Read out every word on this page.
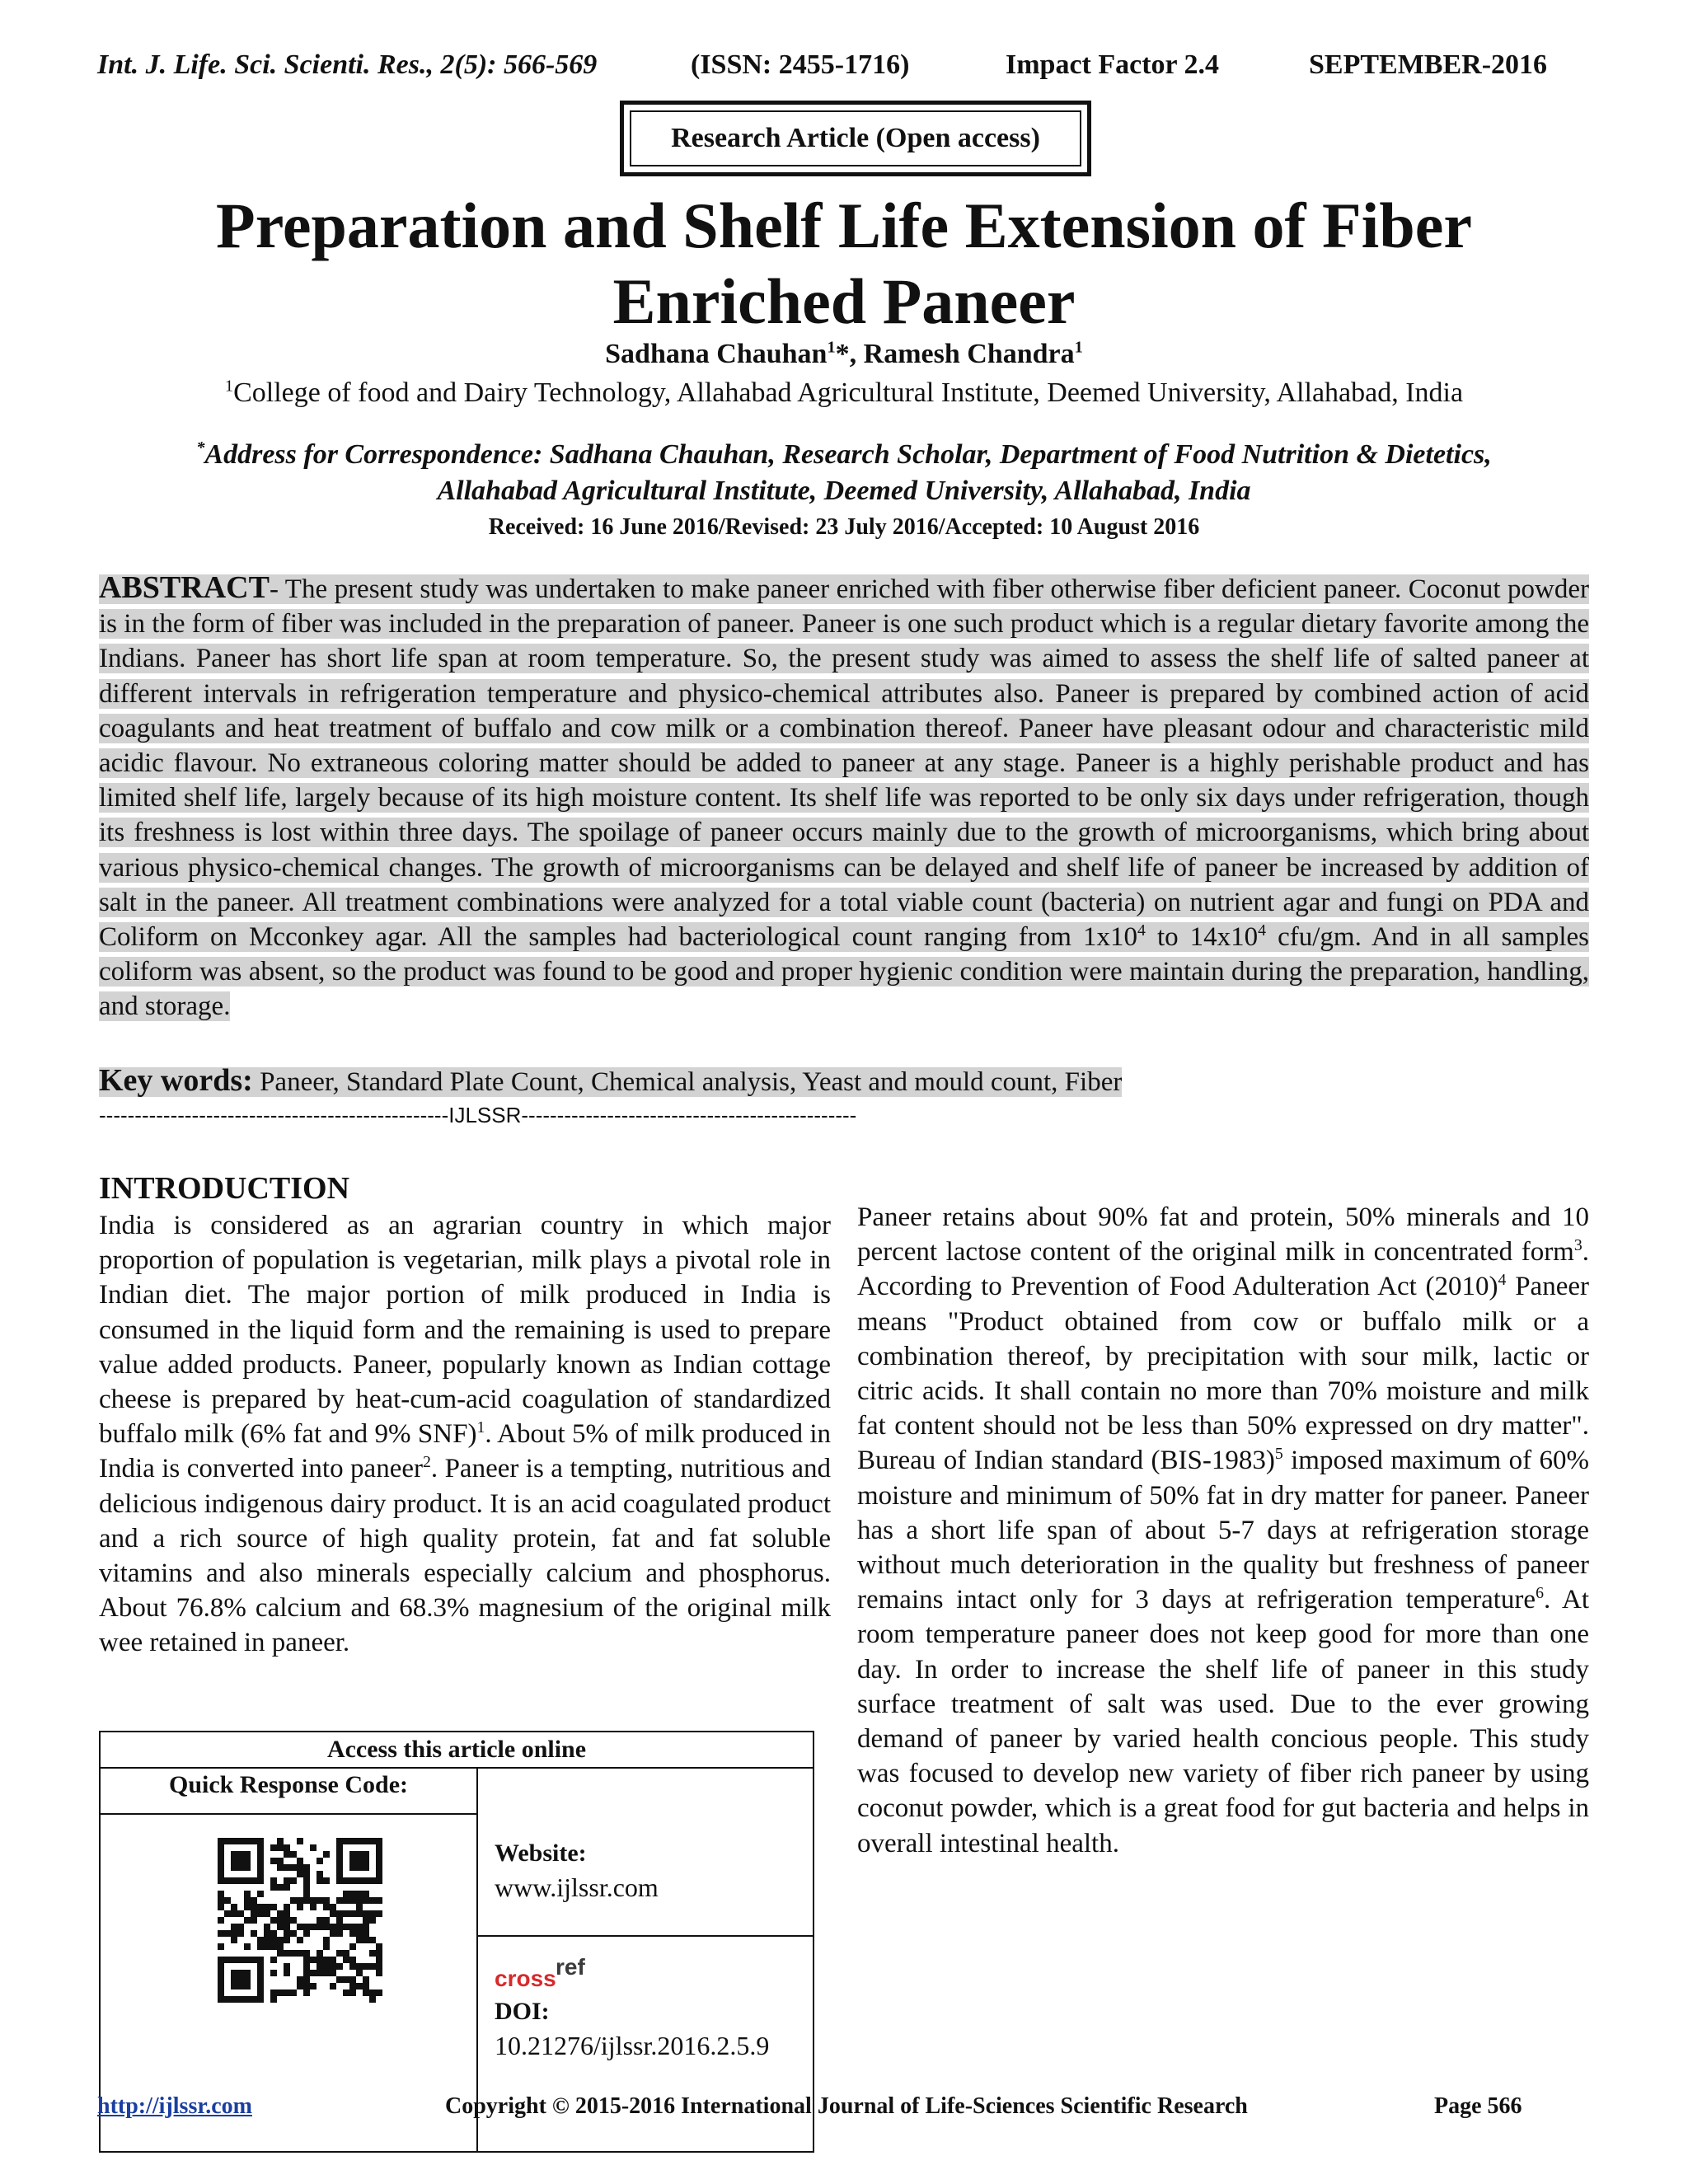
Int. J. Life. Sci. Scienti. Res., 2(5): 566-569	(ISSN: 2455-1716)	Impact Factor 2.4	SEPTEMBER-2016
Research Article (Open access)
Preparation and Shelf Life Extension of Fiber Enriched Paneer
Sadhana Chauhan$^1$*, Ramesh Chandra$^1$
$^1$College of food and Dairy Technology, Allahabad Agricultural Institute, Deemed University, Allahabad, India
*Address for Correspondence: Sadhana Chauhan, Research Scholar, Department of Food Nutrition & Dietetics,
Allahabad Agricultural Institute, Deemed University, Allahabad, India
Received: 16 June 2016/Revised: 23 July 2016/Accepted: 10 August 2016
ABSTRACT- The present study was undertaken to make paneer enriched with fiber otherwise fiber deficient paneer. Coconut powder is in the form of fiber was included in the preparation of paneer. Paneer is one such product which is a regular dietary favorite among the Indians. Paneer has short life span at room temperature. So, the present study was aimed to assess the shelf life of salted paneer at different intervals in refrigeration temperature and physico-chemical attributes also. Paneer is prepared by combined action of acid coagulants and heat treatment of buffalo and cow milk or a combination thereof. Paneer have pleasant odour and characteristic mild acidic flavour. No extraneous coloring matter should be added to paneer at any stage. Paneer is a highly perishable product and has limited shelf life, largely because of its high moisture content. Its shelf life was reported to be only six days under refrigeration, though its freshness is lost within three days. The spoilage of paneer occurs mainly due to the growth of microorganisms, which bring about various physico-chemical changes. The growth of microorganisms can be delayed and shelf life of paneer be increased by addition of salt in the paneer. All treatment combinations were analyzed for a total viable count (bacteria) on nutrient agar and fungi on PDA and Coliform on Mcconkey agar. All the samples had bacteriological count ranging from $1x10^4$ to $14x10^4$ cfu/gm. And in all samples coliform was absent, so the product was found to be good and proper hygienic condition were maintain during the preparation, handling, and storage.
Key words: Paneer, Standard Plate Count, Chemical analysis, Yeast and mould count, Fiber
-------------------------------------------------IJLSSR-----------------------------------------------
INTRODUCTION
India is considered as an agrarian country in which major proportion of population is vegetarian, milk plays a pivotal role in Indian diet. The major portion of milk produced in India is consumed in the liquid form and the remaining is used to prepare value added products. Paneer, popularly known as Indian cottage cheese is prepared by heat-cum-acid coagulation of standardized buffalo milk (6% fat and 9% SNF)$^1$. About 5% of milk produced in India is converted into paneer$^2$. Paneer is a tempting, nutritious and delicious indigenous dairy product. It is an acid coagulated product and a rich source of high quality protein, fat and fat soluble vitamins and also minerals especially calcium and phosphorus. About 76.8% calcium and 68.3% magnesium of the original milk wee retained in paneer.
Paneer retains about 90% fat and protein, 50% minerals and 10 percent lactose content of the original milk in concentrated form$^3$. According to Prevention of Food Adulteration Act $(2010)^4$ Paneer means "Product obtained from cow or buffalo milk or a combination thereof, by precipitation with sour milk, lactic or citric acids. It shall contain no more than 70% moisture and milk fat content should not be less than 50% expressed on dry matter". Bureau of Indian standard $(BIS-1983)^5$ imposed maximum of 60% moisture and minimum of 50% fat in dry matter for paneer. Paneer has a short life span of about 5-7 days at refrigeration storage without much deterioration in the quality but freshness of paneer remains intact only for 3 days at refrigeration temperature$^6$. At room temperature paneer does not keep good for more than one day. In order to increase the shelf life of paneer in this study surface treatment of salt was used. Due to the ever growing demand of paneer by varied health concious people. This study was focused to develop new variety of fiber rich paneer by using coconut powder, which is a great food for gut bacteria and helps in overall intestinal health.
Access this article online
Quick Response Code:
Website:
www.ijlssr.com
cross ref
DOI:
10.21276/ijlssr.2016.2.5.9
http://ijlssr.com	Copyright © 2015-2016 International Journal of Life-Sciences Scientific Research	Page 566
